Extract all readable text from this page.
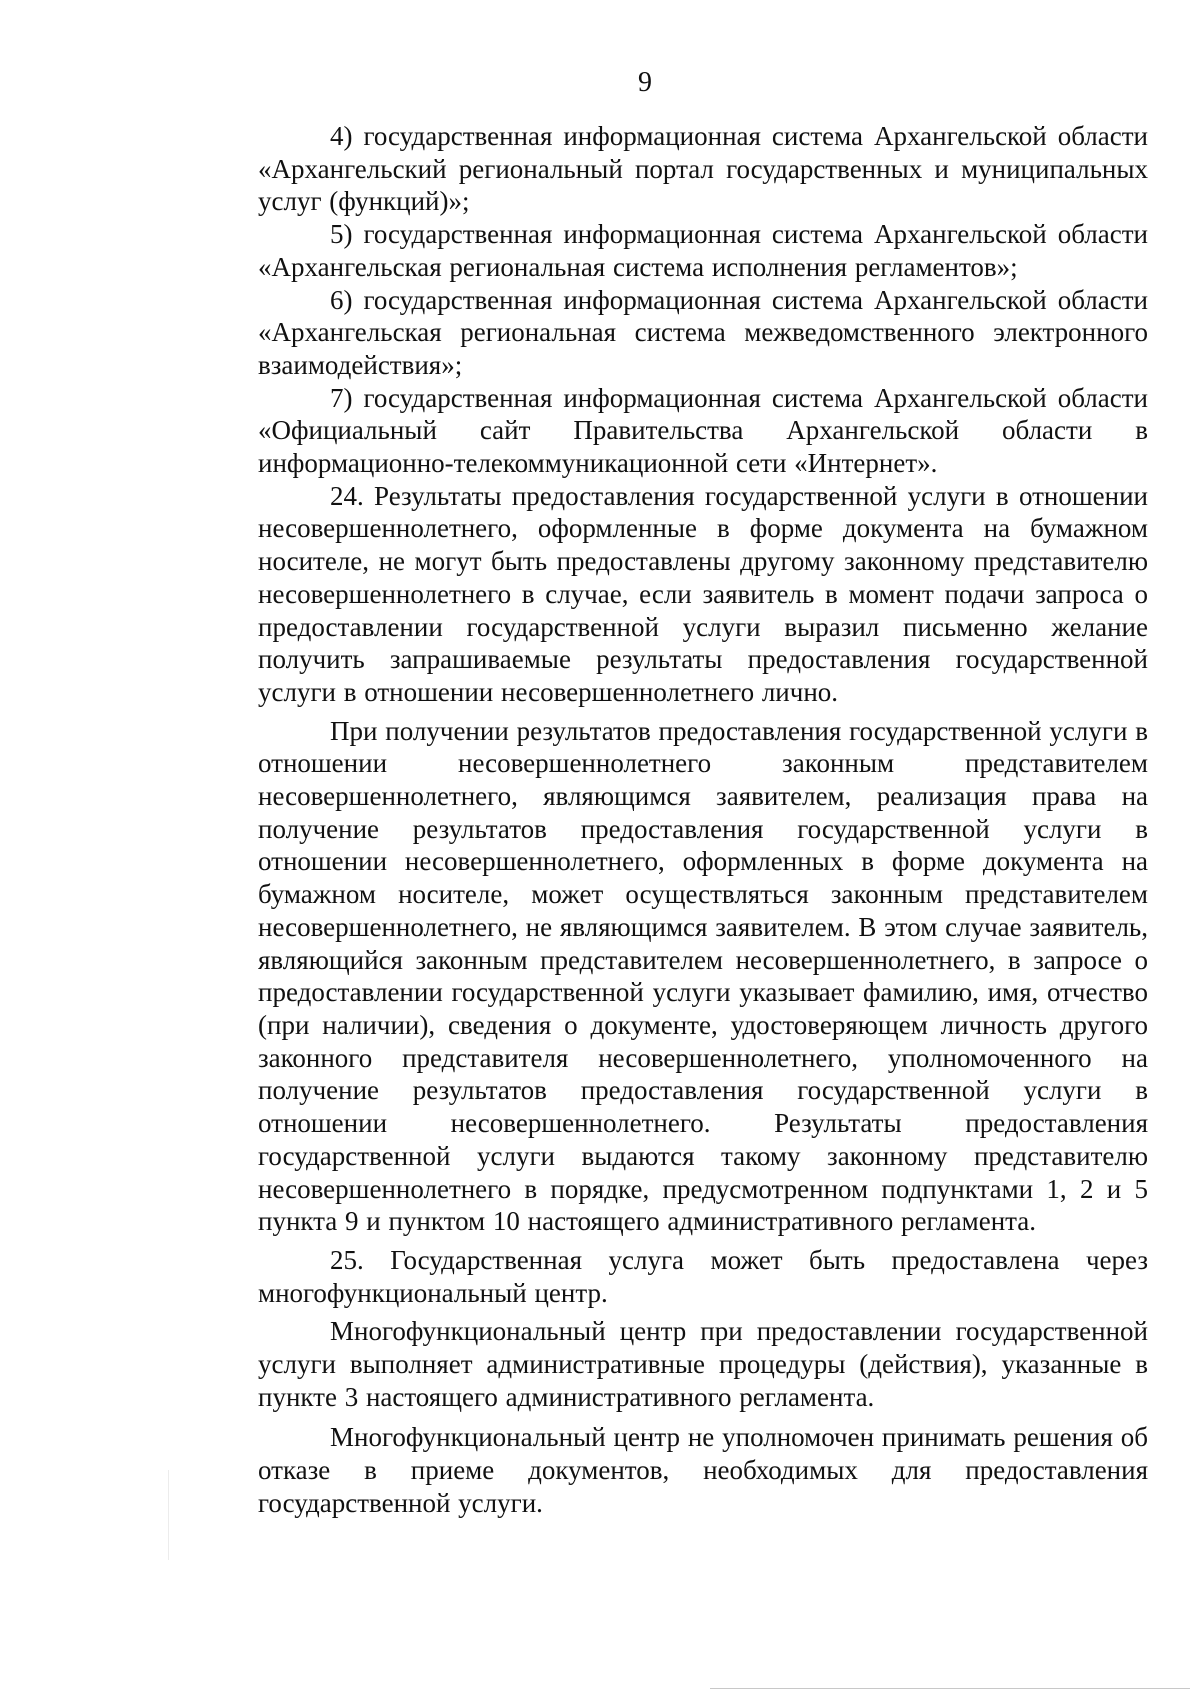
9

4) государственная информационная система Архангельской области «Архангельский региональный портал государственных и муниципальных услуг (функций)»;

5) государственная информационная система Архангельской области «Архангельская региональная система исполнения регламентов»;

6) государственная информационная система Архангельской области «Архангельская региональная система межведомственного электронного взаимодействия»;

7) государственная информационная система Архангельской области «Официальный сайт Правительства Архангельской области в информационно-телекоммуникационной сети «Интернет».

24. Результаты предоставления государственной услуги в отношении несовершеннолетнего, оформленные в форме документа на бумажном носителе, не могут быть предоставлены другому законному представителю несовершеннолетнего в случае, если заявитель в момент подачи запроса о предоставлении государственной услуги выразил письменно желание получить запрашиваемые результаты предоставления государственной услуги в отношении несовершеннолетнего лично.

При получении результатов предоставления государственной услуги в отношении несовершеннолетнего законным представителем несовершеннолетнего, являющимся заявителем, реализация права на получение результатов предоставления государственной услуги в отношении несовершеннолетнего, оформленных в форме документа на бумажном носителе, может осуществляться законным представителем несовершеннолетнего, не являющимся заявителем. В этом случае заявитель, являющийся законным представителем несовершеннолетнего, в запросе о предоставлении государственной услуги указывает фамилию, имя, отчество (при наличии), сведения о документе, удостоверяющем личность другого законного представителя несовершеннолетнего, уполномоченного на получение результатов предоставления государственной услуги в отношении несовершеннолетнего. Результаты предоставления государственной услуги выдаются такому законному представителю несовершеннолетнего в порядке, предусмотренном подпунктами 1, 2 и 5 пункта 9 и пунктом 10 настоящего административного регламента.

25. Государственная услуга может быть предоставлена через многофункциональный центр.

Многофункциональный центр при предоставлении государственной услуги выполняет административные процедуры (действия), указанные в пункте 3 настоящего административного регламента.

Многофункциональный центр не уполномочен принимать решения об отказе в приеме документов, необходимых для предоставления государственной услуги.
